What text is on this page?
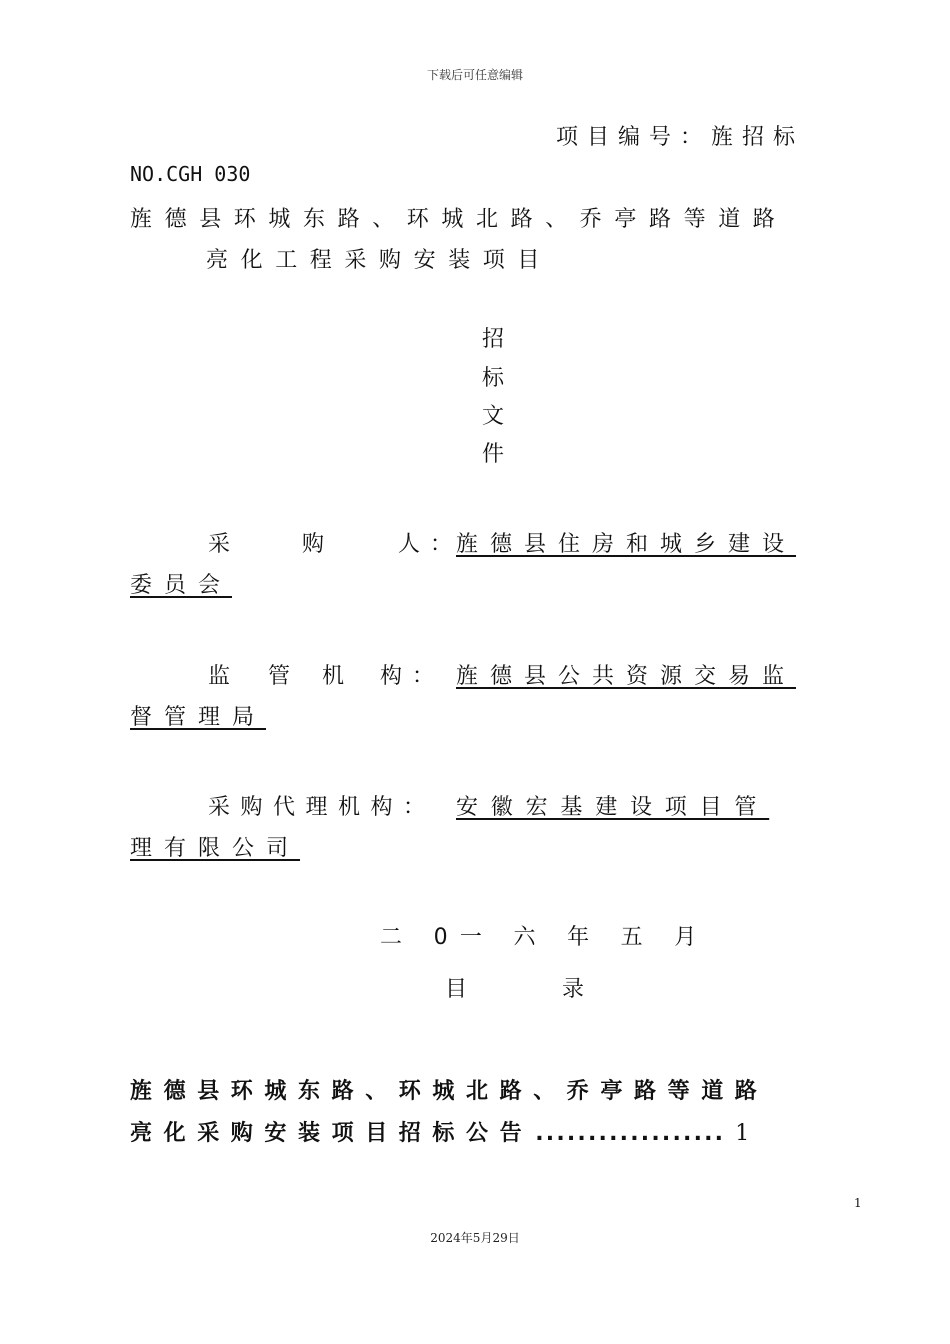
下载后可任意编辑
项目编号：旌招标
NO.CGH 030
旌德县环城东路、环城北路、乔亭路等道路
亮化工程采购安装项目
招
标
文
件
采	购	人：
旌德县住房和城乡建设
委员会
监 管 机 构： 旌德县公共资源交易监
督管理局
采购代理机构： 安徽宏基建设项目管
理有限公司
二 0一 六 年 五 月
目	录
旌德县环城东路、环城北路、乔亭路等道路
亮化采购安装项目招标公告.................. 1
1
2024年5月29日
